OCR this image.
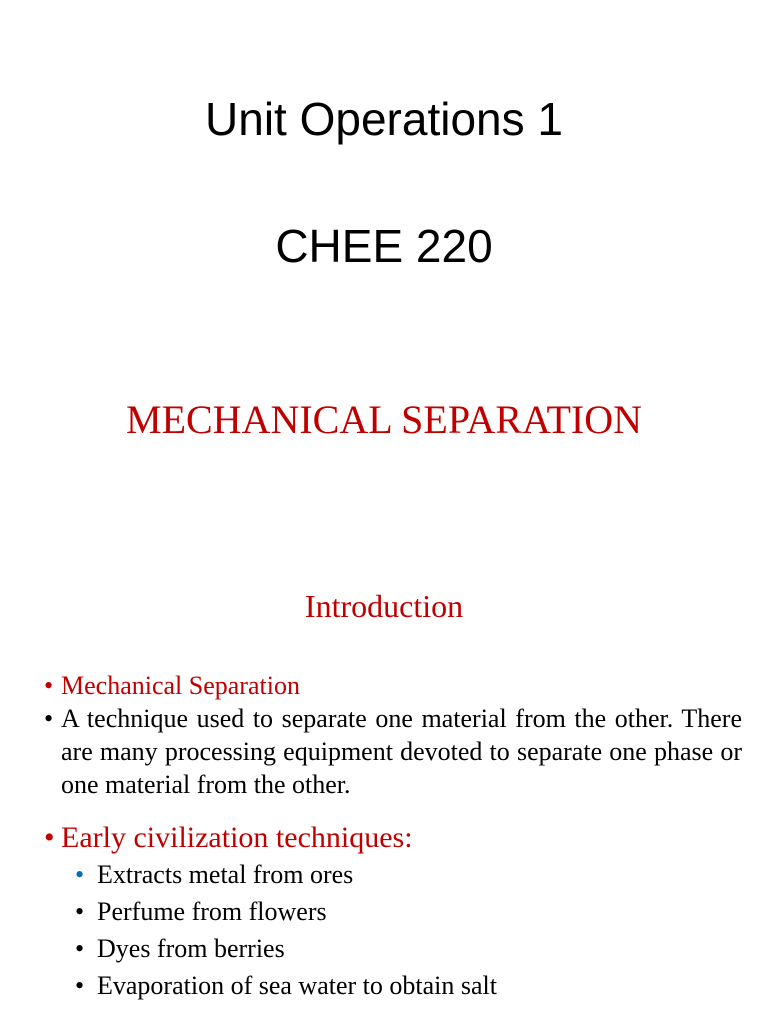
Unit Operations 1
CHEE 220
MECHANICAL SEPARATION
Introduction
• Mechanical Separation
• A technique used to separate one material from the other. There are many processing equipment devoted to separate one phase or one material from the other.
• Early civilization techniques:
• Extracts metal from ores
• Perfume from flowers
• Dyes from berries
• Evaporation of sea water to obtain salt
